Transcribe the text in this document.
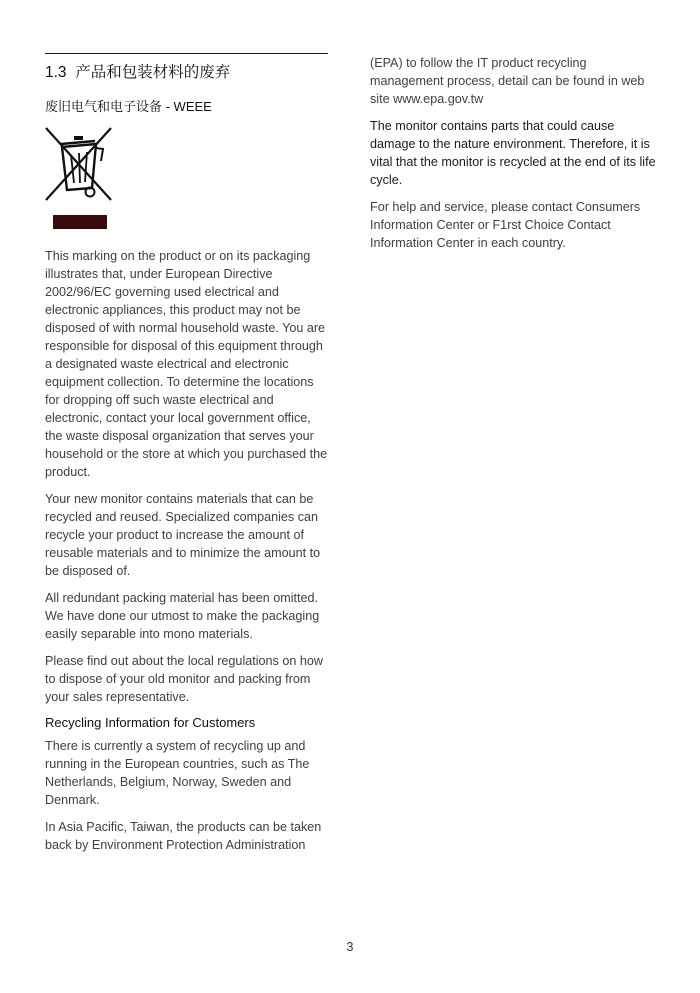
1.3 产品和包装材料的废弃
废旧电气和电子设备 - WEEE

This marking on the product or on its packaging illustrates that, under European Directive 2002/96/EC governing used electrical and electronic appliances, this product may not be disposed of with normal household waste. You are responsible for disposal of this equipment through a designated waste electrical and electronic equipment collection. To determine the locations for dropping off such waste electrical and electronic, contact your local government office, the waste disposal organization that serves your household or the store at which you purchased the product.

Your new monitor contains materials that can be recycled and reused. Specialized companies can recycle your product to increase the amount of reusable materials and to minimize the amount to be disposed of.

All redundant packing material has been omitted. We have done our utmost to make the packaging easily separable into mono materials.

Please find out about the local regulations on how to dispose of your old monitor and packing from your sales representative.

Recycling Information for Customers

There is currently a system of recycling up and running in the European countries, such as The Netherlands, Belgium, Norway, Sweden and Denmark.

In Asia Pacific, Taiwan, the products can be taken back by Environment Protection Administration

(EPA) to follow the IT product recycling management process, detail can be found in web site www.epa.gov.tw

The monitor contains parts that could cause damage to the nature environment. Therefore, it is vital that the monitor is recycled at the end of its life cycle.

For help and service, please contact Consumers Information Center or F1rst Choice Contact Information Center in each country.

3
